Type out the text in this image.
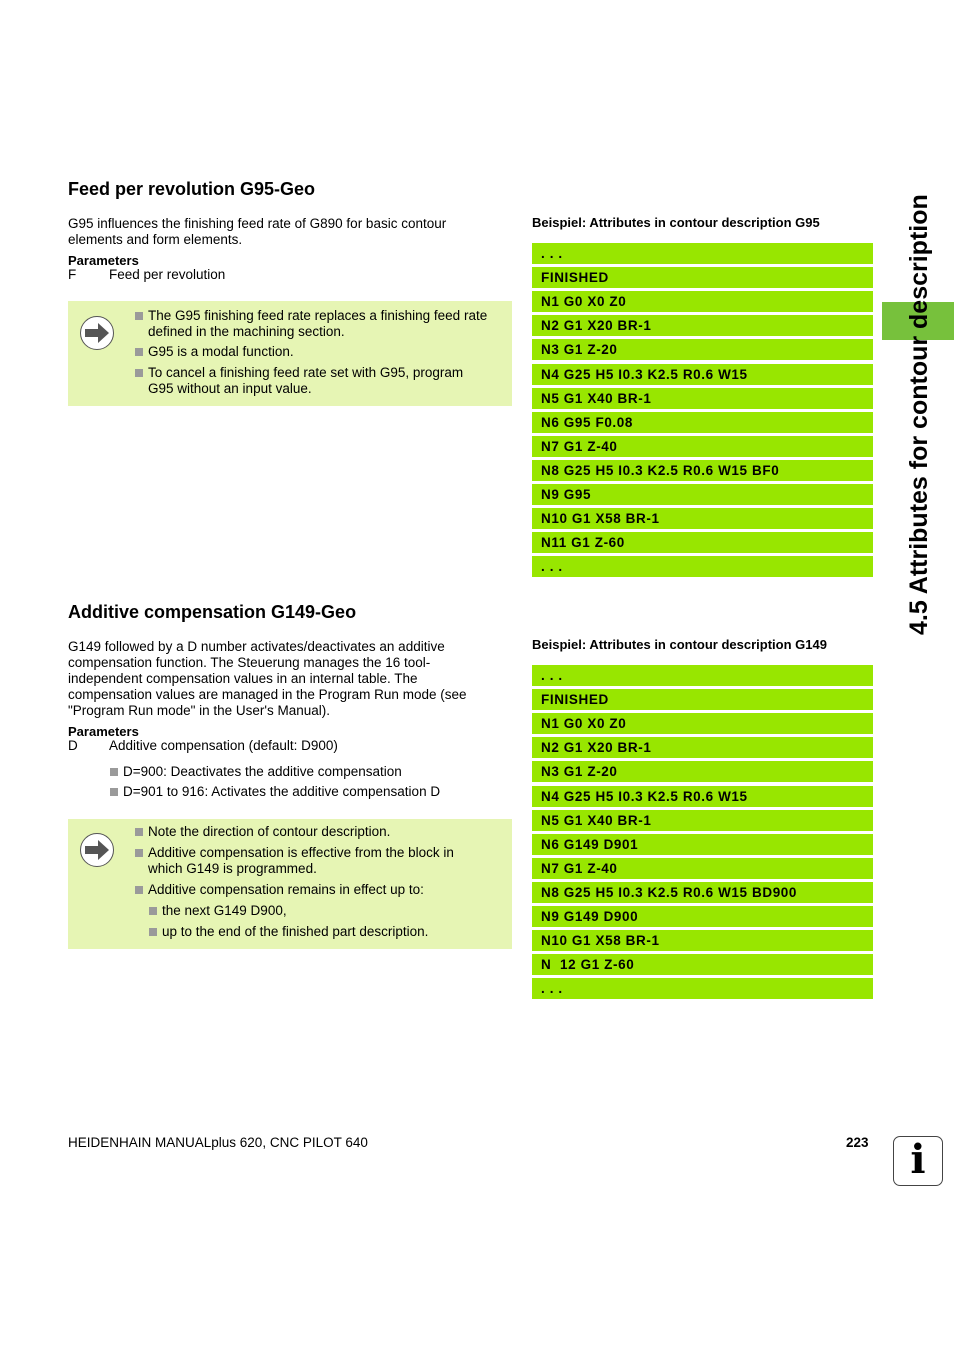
4.5 Attributes for contour description
Feed per revolution G95-Geo

G95 influences the finishing feed rate of G890 for basic contour
elements and form elements.

Parameters
F Feed per revolution
The G95 finishing feed rate replaces a finishing feed rate
defined in the machining section.
G95 is a modal function.
To cancel a finishing feed rate set with G95, program
G95 without an input value.
Beispiel: Attributes in contour description G95
. . .
FINISHED
N1 G0 X0 Z0
N2 G1 X20 BR-1
N3 G1 Z-20
N4 G25 H5 I0.3 K2.5 R0.6 W15
N5 G1 X40 BR-1
N6 G95 F0.08
N7 G1 Z-40
N8 G25 H5 I0.3 K2.5 R0.6 W15 BF0
N9 G95
N10 G1 X58 BR-1
N11 G1 Z-60
. . .
Additive compensation G149-Geo

G149 followed by a D number activates/deactivates an additive
compensation function. The Steuerung manages the 16 tool-
independent compensation values in an internal table. The
compensation values are managed in the Program Run mode (see
"Program Run mode" in the User's Manual).

Parameters
D Additive compensation (default: D900)
D=900: Deactivates the additive compensation
D=901 to 916: Activates the additive compensation D
Note the direction of contour description.
Additive compensation is effective from the block in
which G149 is programmed.
Additive compensation remains in effect up to:
the next G149 D900,
up to the end of the finished part description.
Beispiel: Attributes in contour description G149
. . .
FINISHED
N1 G0 X0 Z0
N2 G1 X20 BR-1
N3 G1 Z-20
N4 G25 H5 I0.3 K2.5 R0.6 W15
N5 G1 X40 BR-1
N6 G149 D901
N7 G1 Z-40
N8 G25 H5 I0.3 K2.5 R0.6 W15 BD900
N9 G149 D900
N10 G1 X58 BR-1
N  12 G1 Z-60
. . .
HEIDENHAIN MANUALplus 620, CNC PILOT 640	223	i
